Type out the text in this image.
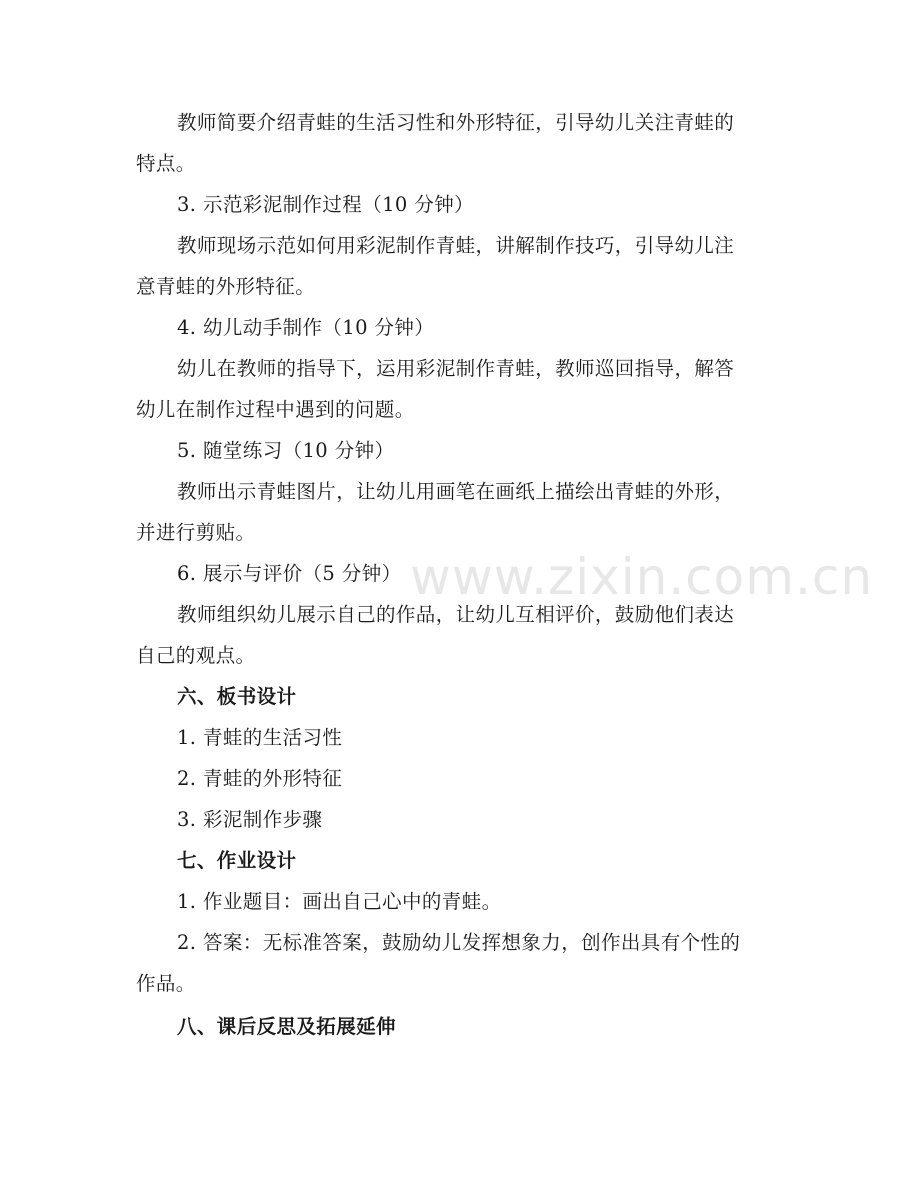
www.zixin.com.cn
教师简要介绍青蛙的生活习性和外形特征，引导幼儿关注青蛙的
特点。
3. 示范彩泥制作过程（10 分钟）
教师现场示范如何用彩泥制作青蛙，讲解制作技巧，引导幼儿注
意青蛙的外形特征。
4. 幼儿动手制作（10 分钟）
幼儿在教师的指导下，运用彩泥制作青蛙，教师巡回指导，解答
幼儿在制作过程中遇到的问题。
5. 随堂练习（10 分钟）
教师出示青蛙图片，让幼儿用画笔在画纸上描绘出青蛙的外形，
并进行剪贴。
6. 展示与评价（5 分钟）
教师组织幼儿展示自己的作品，让幼儿互相评价，鼓励他们表达
自己的观点。
六、板书设计
1. 青蛙的生活习性
2. 青蛙的外形特征
3. 彩泥制作步骤
七、作业设计
1. 作业题目：画出自己心中的青蛙。
2. 答案：无标准答案，鼓励幼儿发挥想象力，创作出具有个性的
作品。
八、课后反思及拓展延伸
